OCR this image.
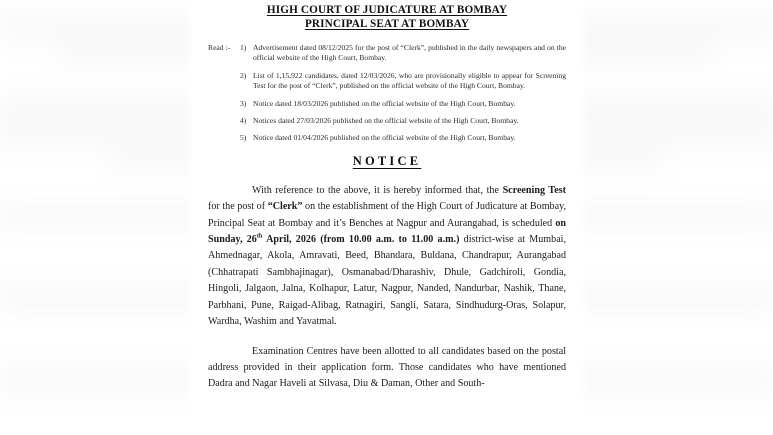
HIGH COURT OF JUDICATURE AT BOMBAY
PRINCIPAL SEAT AT BOMBAY
Read :-	1) Advertisement dated 08/12/2025 for the post of “Clerk”, published in the daily newspapers and on the official website of the High Court, Bombay.
2) List of 1,15,922 candidates, dated 12/03/2026, who are provisionally eligible to appear for Screening Test for the post of “Clerk”, published on the official website of the High Court, Bombay.
3) Notice dated 18/03/2026 published on the official website of the High Court, Bombay.
4) Notices dated 27/03/2026 published on the official website of the High Court, Bombay.
5) Notice dated 01/04/2026 published on the official website of the High Court, Bombay.
NOTICE
With reference to the above, it is hereby informed that, the Screening Test for the post of “Clerk” on the establishment of the High Court of Judicature at Bombay, Principal Seat at Bombay and it’s Benches at Nagpur and Aurangabad, is scheduled on Sunday, 26th April, 2026 (from 10.00 a.m. to 11.00 a.m.) district-wise at Mumbai, Ahmednagar, Akola, Amravati, Beed, Bhandara, Buldana, Chandrapur, Aurangabad (Chhatrapati Sambhajinagar), Osmanabad/Dharashiv, Dhule, Gadchiroli, Gondia, Hingoli, Jalgaon, Jalna, Kolhapur, Latur, Nagpur, Nanded, Nandurbar, Nashik, Thane, Parbhani, Pune, Raigad-Alibag, Ratnagiri, Sangli, Satara, Sindhudurg-Oras, Solapur, Wardha, Washim and Yavatmal.
Examination Centres have been allotted to all candidates based on the postal address provided in their application form. Those candidates who have mentioned Dadra and Nagar Haveli at Silvasa, Diu & Daman, Other and South-
